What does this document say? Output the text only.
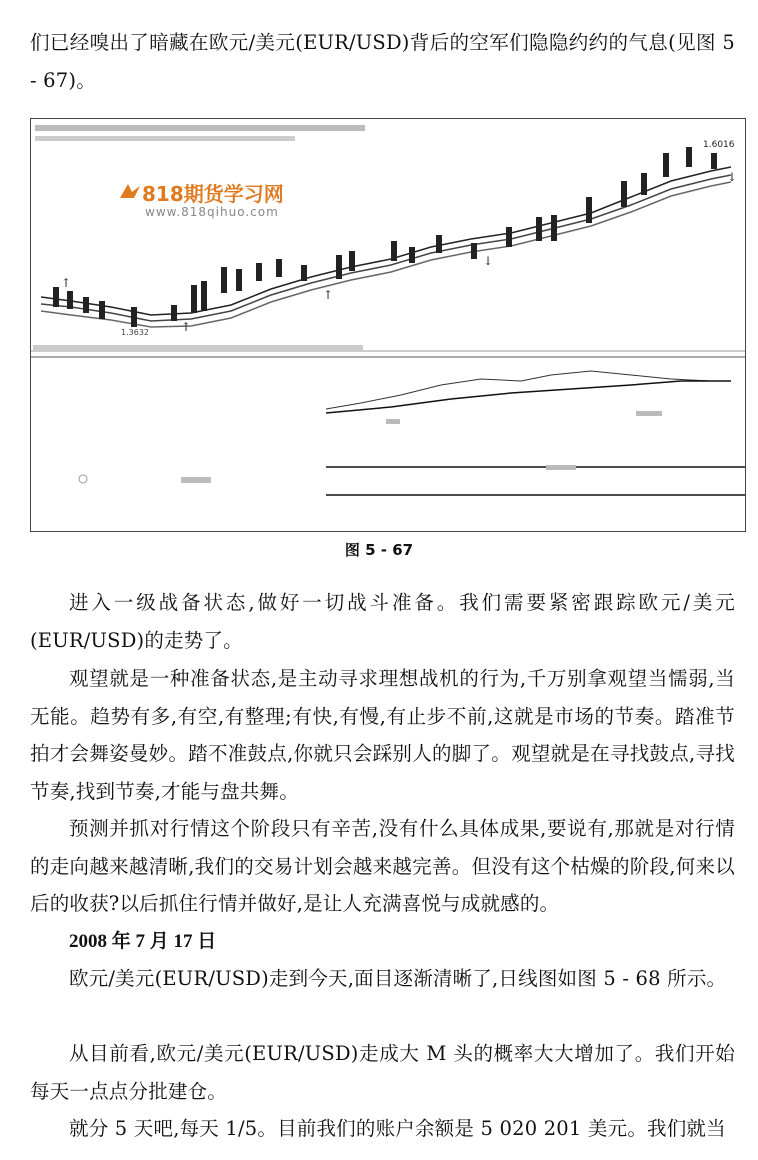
们已经嗅出了暗藏在欧元/美元(EUR/USD)背后的空军们隐隐约约的气息(见图 5 - 67)。

↑
↑
↑
↓
↓
1.6016
1.3632
818期货学习网
www.818qihuo.com
图 5 - 67

进入一级战备状态,做好一切战斗准备。我们需要紧密跟踪欧元/美元(EUR/USD)的走势了。

观望就是一种准备状态,是主动寻求理想战机的行为,千万别拿观望当懦弱,当无能。趋势有多,有空,有整理;有快,有慢,有止步不前,这就是市场的节奏。踏准节拍才会舞姿曼妙。踏不准鼓点,你就只会踩别人的脚了。观望就是在寻找鼓点,寻找节奏,找到节奏,才能与盘共舞。

预测并抓对行情这个阶段只有辛苦,没有什么具体成果,要说有,那就是对行情的走向越来越清晰,我们的交易计划会越来越完善。但没有这个枯燥的阶段,何来以后的收获?以后抓住行情并做好,是让人充满喜悦与成就感的。

2008 年 7 月 17 日

欧元/美元(EUR/USD)走到今天,面目逐渐清晰了,日线图如图 5 - 68 所示。

从目前看,欧元/美元(EUR/USD)走成大 M 头的概率大大增加了。我们开始每天一点点分批建仓。

就分 5 天吧,每天 1/5。目前我们的账户余额是 5 020 201 美元。我们就当
